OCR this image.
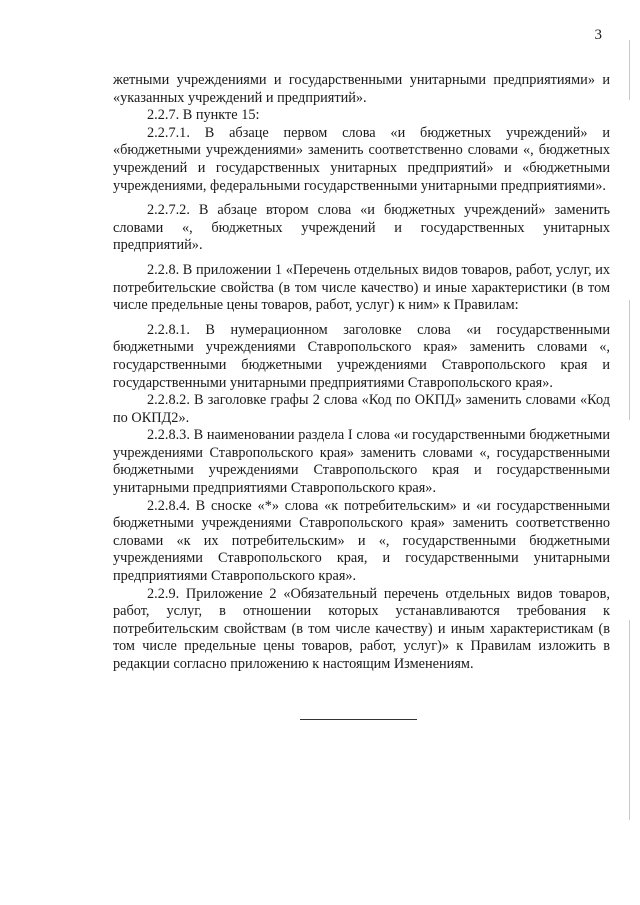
3

жетными учреждениями и государственными унитарными предприятиями» и «указанных учреждений и предприятий».

2.2.7. В пункте 15:

2.2.7.1. В абзаце первом слова «и бюджетных учреждений» и «бюджетными учреждениями» заменить соответственно словами «, бюджетных учреждений и государственных унитарных предприятий» и «бюджетными учреждениями, федеральными государственными унитарными предприятиями».

2.2.7.2. В абзаце втором слова «и бюджетных учреждений» заменить словами «, бюджетных учреждений и государственных унитарных предприятий».

2.2.8. В приложении 1 «Перечень отдельных видов товаров, работ, услуг, их потребительские свойства (в том числе качество) и иные характеристики (в том числе предельные цены товаров, работ, услуг) к ним» к Правилам:

2.2.8.1. В нумерационном заголовке слова «и государственными бюджетными учреждениями Ставропольского края» заменить словами «, государственными бюджетными учреждениями Ставропольского края и государственными унитарными предприятиями Ставропольского края».

2.2.8.2. В заголовке графы 2 слова «Код по ОКПД» заменить словами «Код по ОКПД2».

2.2.8.3. В наименовании раздела I слова «и государственными бюджетными учреждениями Ставропольского края» заменить словами «, государственными бюджетными учреждениями Ставропольского края и государственными унитарными предприятиями Ставропольского края».

2.2.8.4. В сноске «*» слова «к потребительским» и «и государственными бюджетными учреждениями Ставропольского края» заменить соответственно словами «к их потребительским» и «, государственными бюджетными учреждениями Ставропольского края, и государственными унитарными предприятиями Ставропольского края».

2.2.9. Приложение 2 «Обязательный перечень отдельных видов товаров, работ, услуг, в отношении которых устанавливаются требования к потребительским свойствам (в том числе качеству) и иным характеристикам (в том числе предельные цены товаров, работ, услуг)» к Правилам изложить в редакции согласно приложению к настоящим Изменениям.
